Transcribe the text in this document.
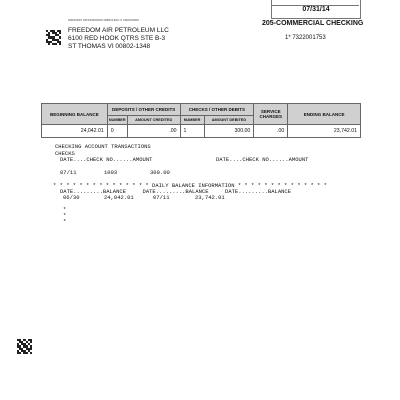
07/31/14
205-COMMERCIAL CHECKING
1* 7322001753
00000915 MPSPR0I8OF40852160C 5 000000000
FREEDOM AIR PETROLEUM LLC
6100 RED HOOK QTRS STE B-3
ST THOMAS VI 00802-1348
BEGINNING BALANCE	DEPOSITS / OTHER CREDITS		CHECKS / OTHER DEBITS		SERVICE CHARGES	ENDING BALANCE
	NUMBER	AMOUNT CREDITED	NUMBER	AMOUNT DEBITED		
24,042.01	0	.00	1	300.00	.00	23,742.01
CHECKING ACCOUNT TRANSACTIONS
CHECKS
DATE....CHECK NO......AMOUNT	DATE....CHECK NO......AMOUNT
07/11	1003	300.00
* * * * * * * * * * * * * * * DAILY BALANCE INFORMATION * * * * * * * * * * * * * *
DATE.........BALANCE     DATE.........BALANCE     DATE.........BALANCE
06/30	24,042.01	07/11	23,742.01
*
*
*
